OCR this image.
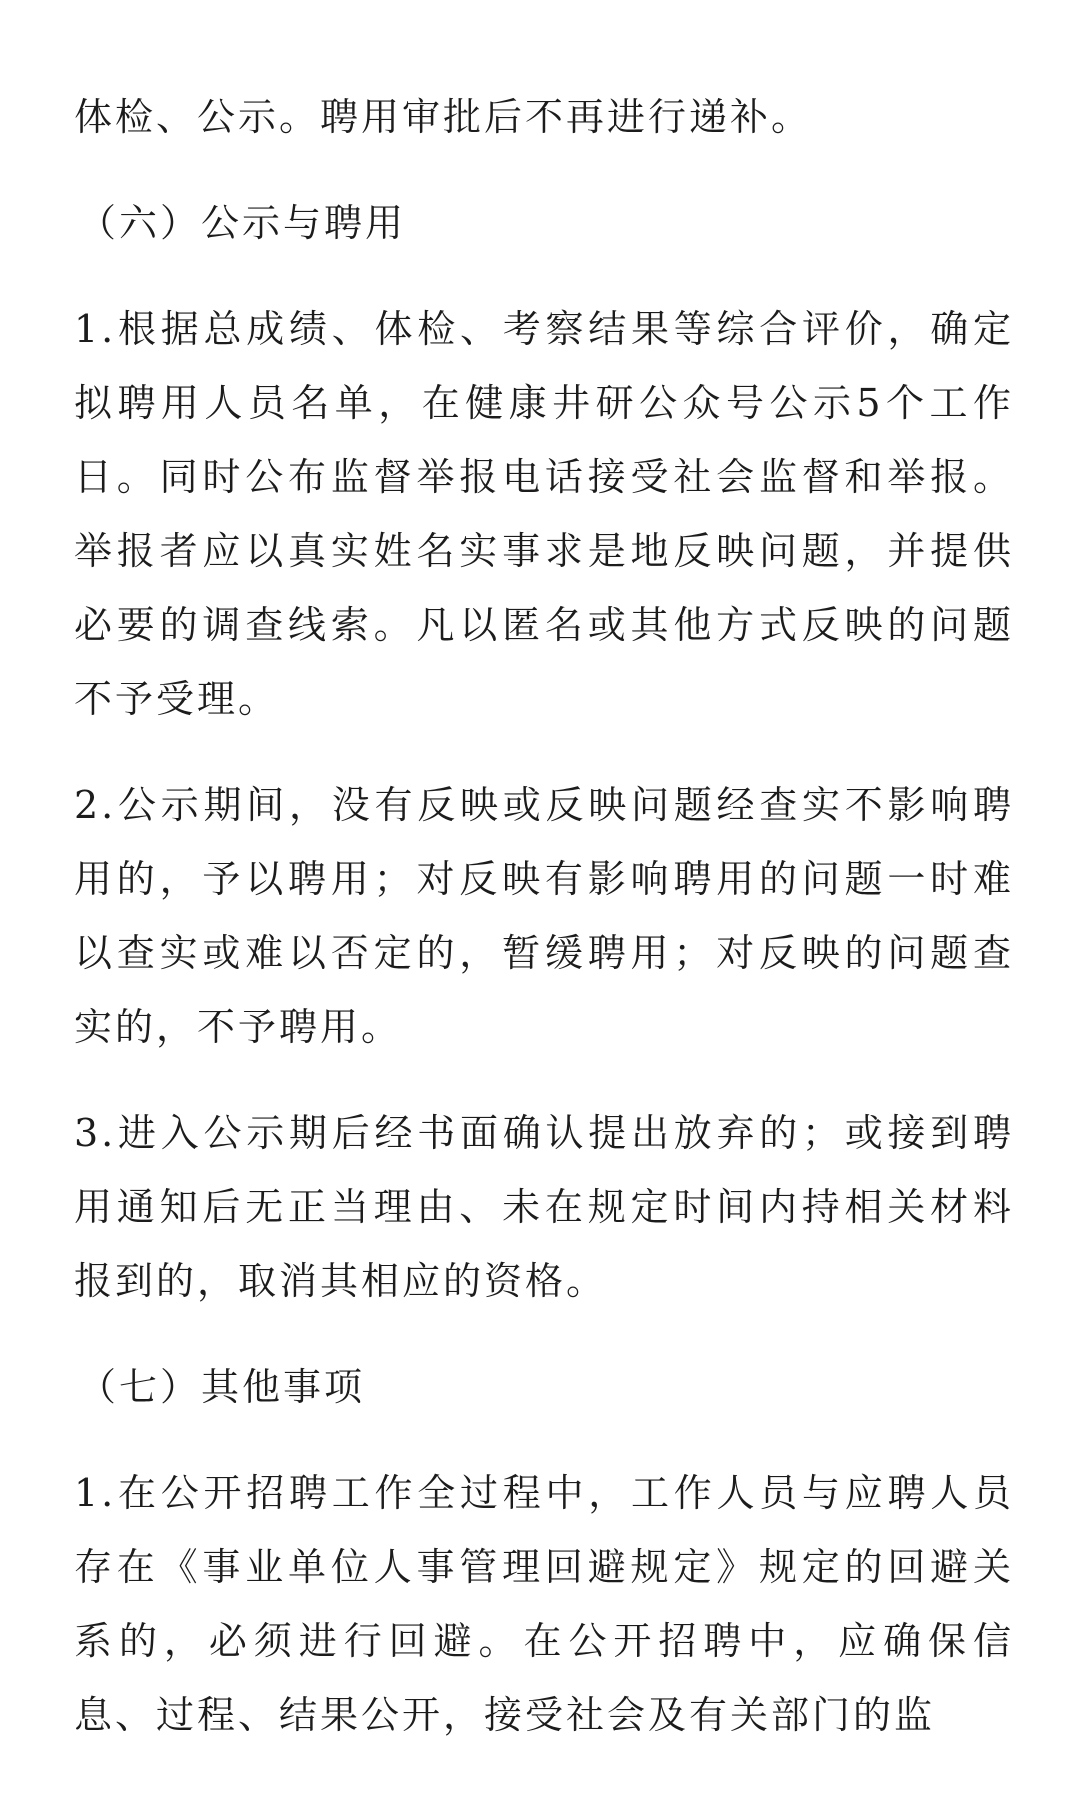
体检、公示。聘用审批后不再进行递补。

（六）公示与聘用

1.根据总成绩、体检、考察结果等综合评价，确定拟聘用人员名单，在健康井研公众号公示5个工作日。同时公布监督举报电话接受社会监督和举报。举报者应以真实姓名实事求是地反映问题，并提供必要的调查线索。凡以匿名或其他方式反映的问题不予受理。

2.公示期间，没有反映或反映问题经查实不影响聘用的，予以聘用；对反映有影响聘用的问题一时难以查实或难以否定的，暂缓聘用；对反映的问题查实的，不予聘用。

3.进入公示期后经书面确认提出放弃的；或接到聘用通知后无正当理由、未在规定时间内持相关材料报到的，取消其相应的资格。

（七）其他事项

1.在公开招聘工作全过程中，工作人员与应聘人员存在《事业单位人事管理回避规定》规定的回避关系的，必须进行回避。在公开招聘中，应确保信息、过程、结果公开，接受社会及有关部门的监
